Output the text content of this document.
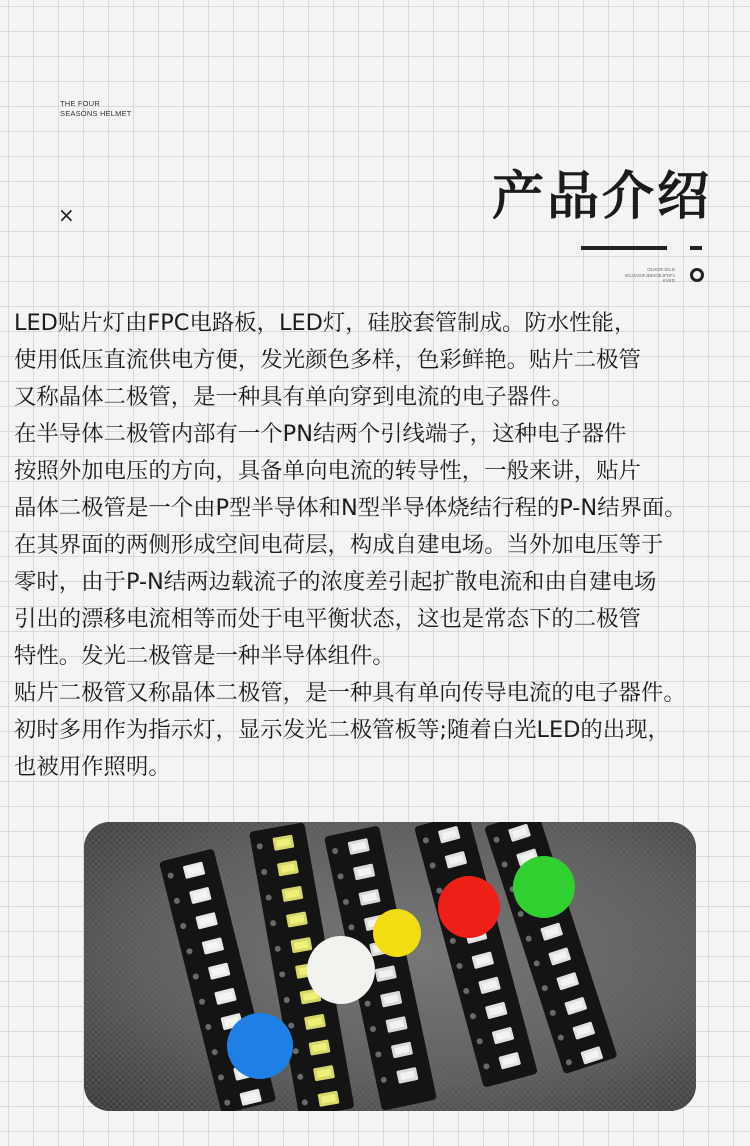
THE FOUR
SEASONS HELMET
×	产品介绍
OLIKDFJGLD
IIOJJAOIFJDKIOEJFDFJ
KVKD

LED贴片灯由FPC电路板，LED灯，硅胶套管制成。防水性能，

使用低压直流供电方便，发光颜色多样，色彩鲜艳。贴片二极管

又称晶体二极管，是一种具有单向穿到电流的电子器件。

在半导体二极管内部有一个PN结两个引线端子，这种电子器件

按照外加电压的方向，具备单向电流的转导性，一般来讲，贴片

晶体二极管是一个由P型半导体和N型半导体烧结行程的P-N结界面。

在其界面的两侧形成空间电荷层，构成自建电场。当外加电压等于

零时，由于P-N结两边载流子的浓度差引起扩散电流和由自建电场

引出的漂移电流相等而处于电平衡状态，这也是常态下的二极管

特性。发光二极管是一种半导体组件。

贴片二极管又称晶体二极管，是一种具有单向传导电流的电子器件。

初时多用作为指示灯，显示发光二极管板等;随着白光LED的出现，

也被用作照明。
